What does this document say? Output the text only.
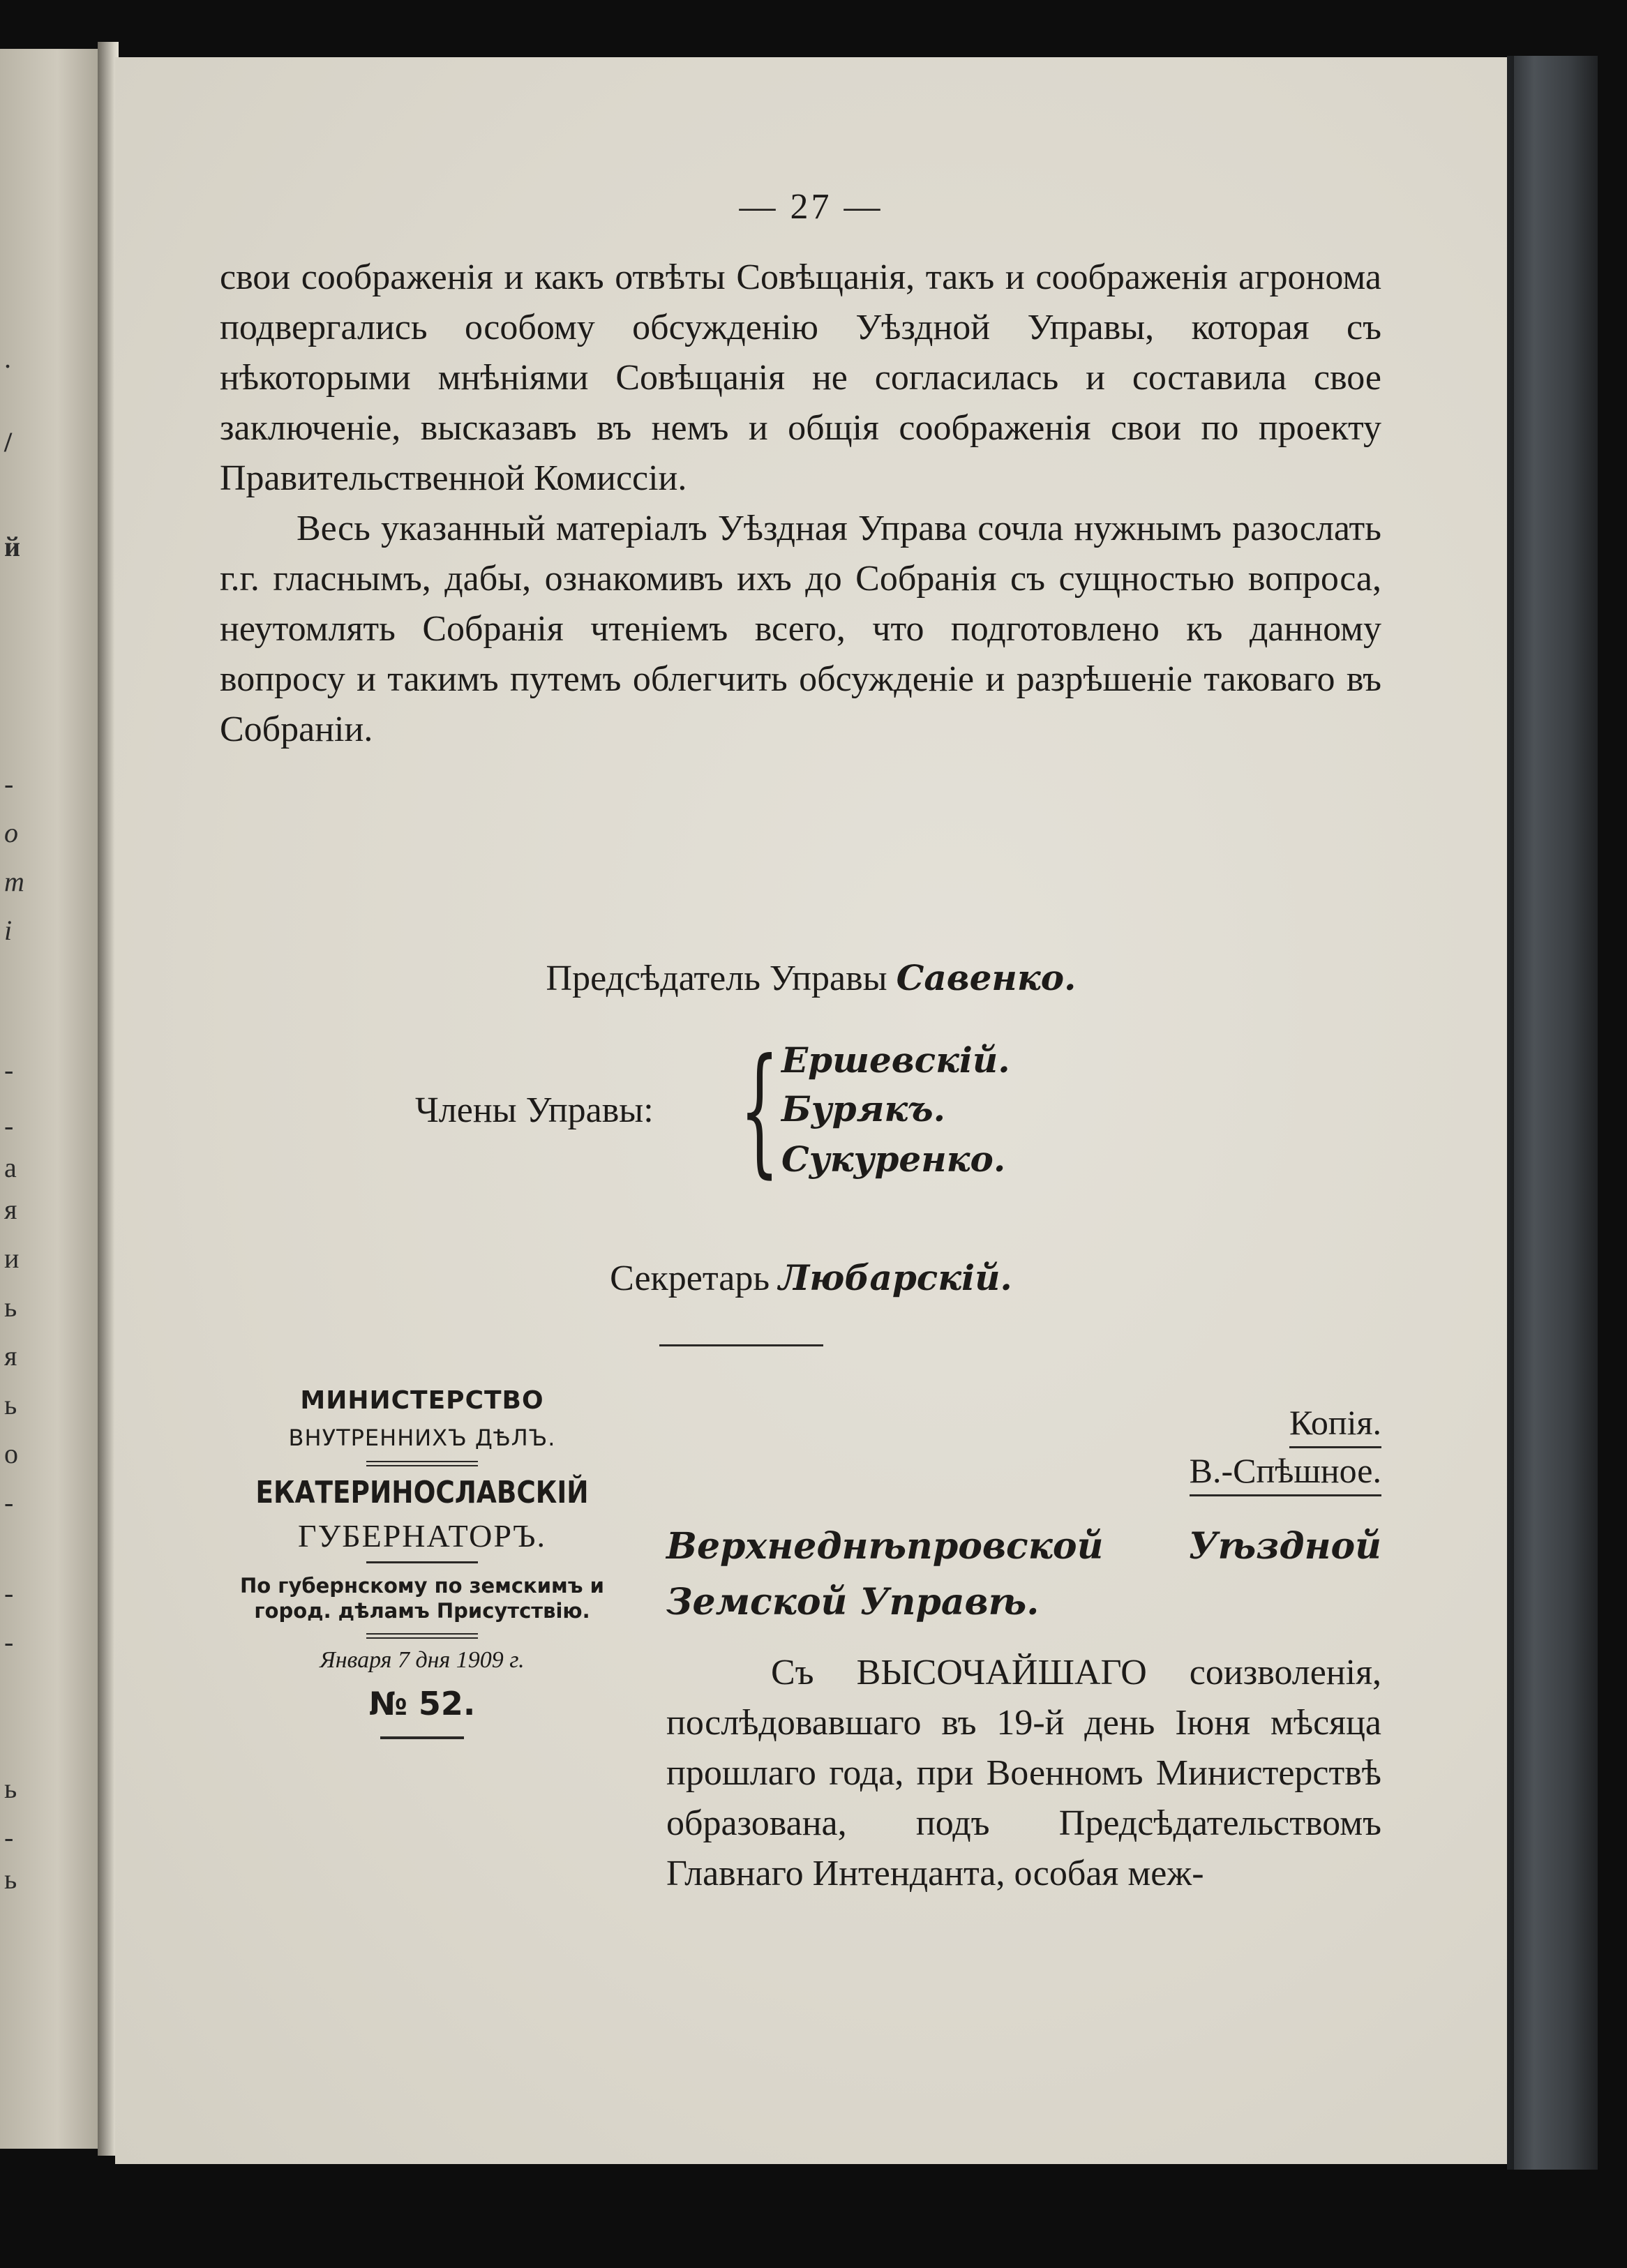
.
/
й
-
о
т
і
-
-
а
я
и
ь
я
ь
о
-
-
-
ь
-
ь
— 27 —

свои соображенія и какъ отвѣты Совѣщанія, такъ и соображенія агронома подвергались особому обсужденію Уѣздной Управы, которая съ нѣкоторыми мнѣніями Совѣщанія не согласилась и составила свое заключеніе, высказавъ въ немъ и общія соображенія свои по проекту Правительственной Комиссіи.

Весь указанный матеріалъ Уѣздная Управа сочла нужнымъ разослать г.г. гласнымъ, дабы, ознакомивъ ихъ до Собранія съ сущностью вопроса, неутомлять Собранія чтеніемъ всего, что подготовлено къ данному вопросу и такимъ путемъ облегчить обсужденіе и разрѣшеніе таковаго въ Собраніи.

Предсѣдатель Управы Савенко.
Члены Управы: { Ершевскій.
Бурякъ.
Сукуренко.
Секретарь Любарскій.
МИНИСТЕРСТВО
ВНУТРЕННИХЪ ДѢЛЪ.
ЕКАТЕРИНОСЛАВСКІЙ
ГУБЕРНАТОРЪ.
По губернскому по земскимъ и город. дѣламъ Присутствію.
Января 7 дня 1909 г.
№ 52.
Копія.
В.-Спѣшное.
Верхнеднѣпровской Уѣздной Земской Управѣ.

Съ ВЫСОЧАЙШАГО соизволенія, послѣдовавшаго въ 19-й день Іюня мѣсяца прошлаго года, при Военномъ Министерствѣ образована, подъ Предсѣдательствомъ Главнаго Интенданта, особая меж-
